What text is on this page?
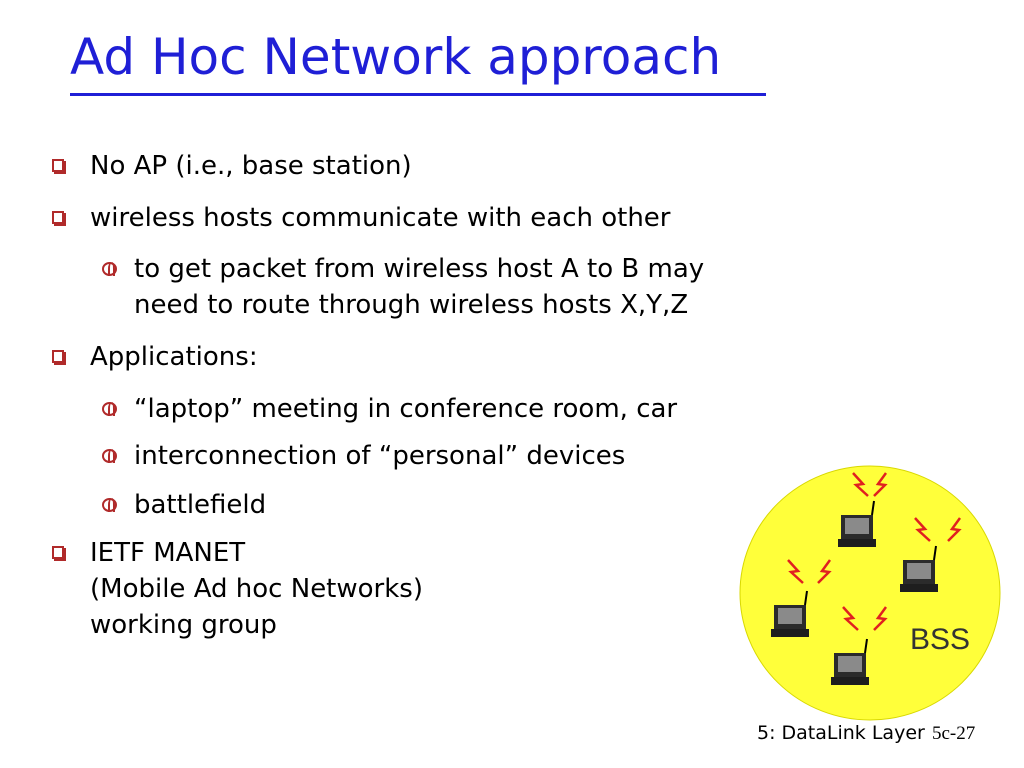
Ad Hoc Network approach
No AP (i.e., base station)
wireless hosts communicate with each other
to get packet from wireless host A to B may
need to route through wireless hosts X,Y,Z
Applications:
“laptop” meeting in conference room, car
interconnection of “personal” devices
battlefield
IETF MANET
(Mobile Ad hoc Networks)
working group	BSS
5: DataLink Layer 5c-27
